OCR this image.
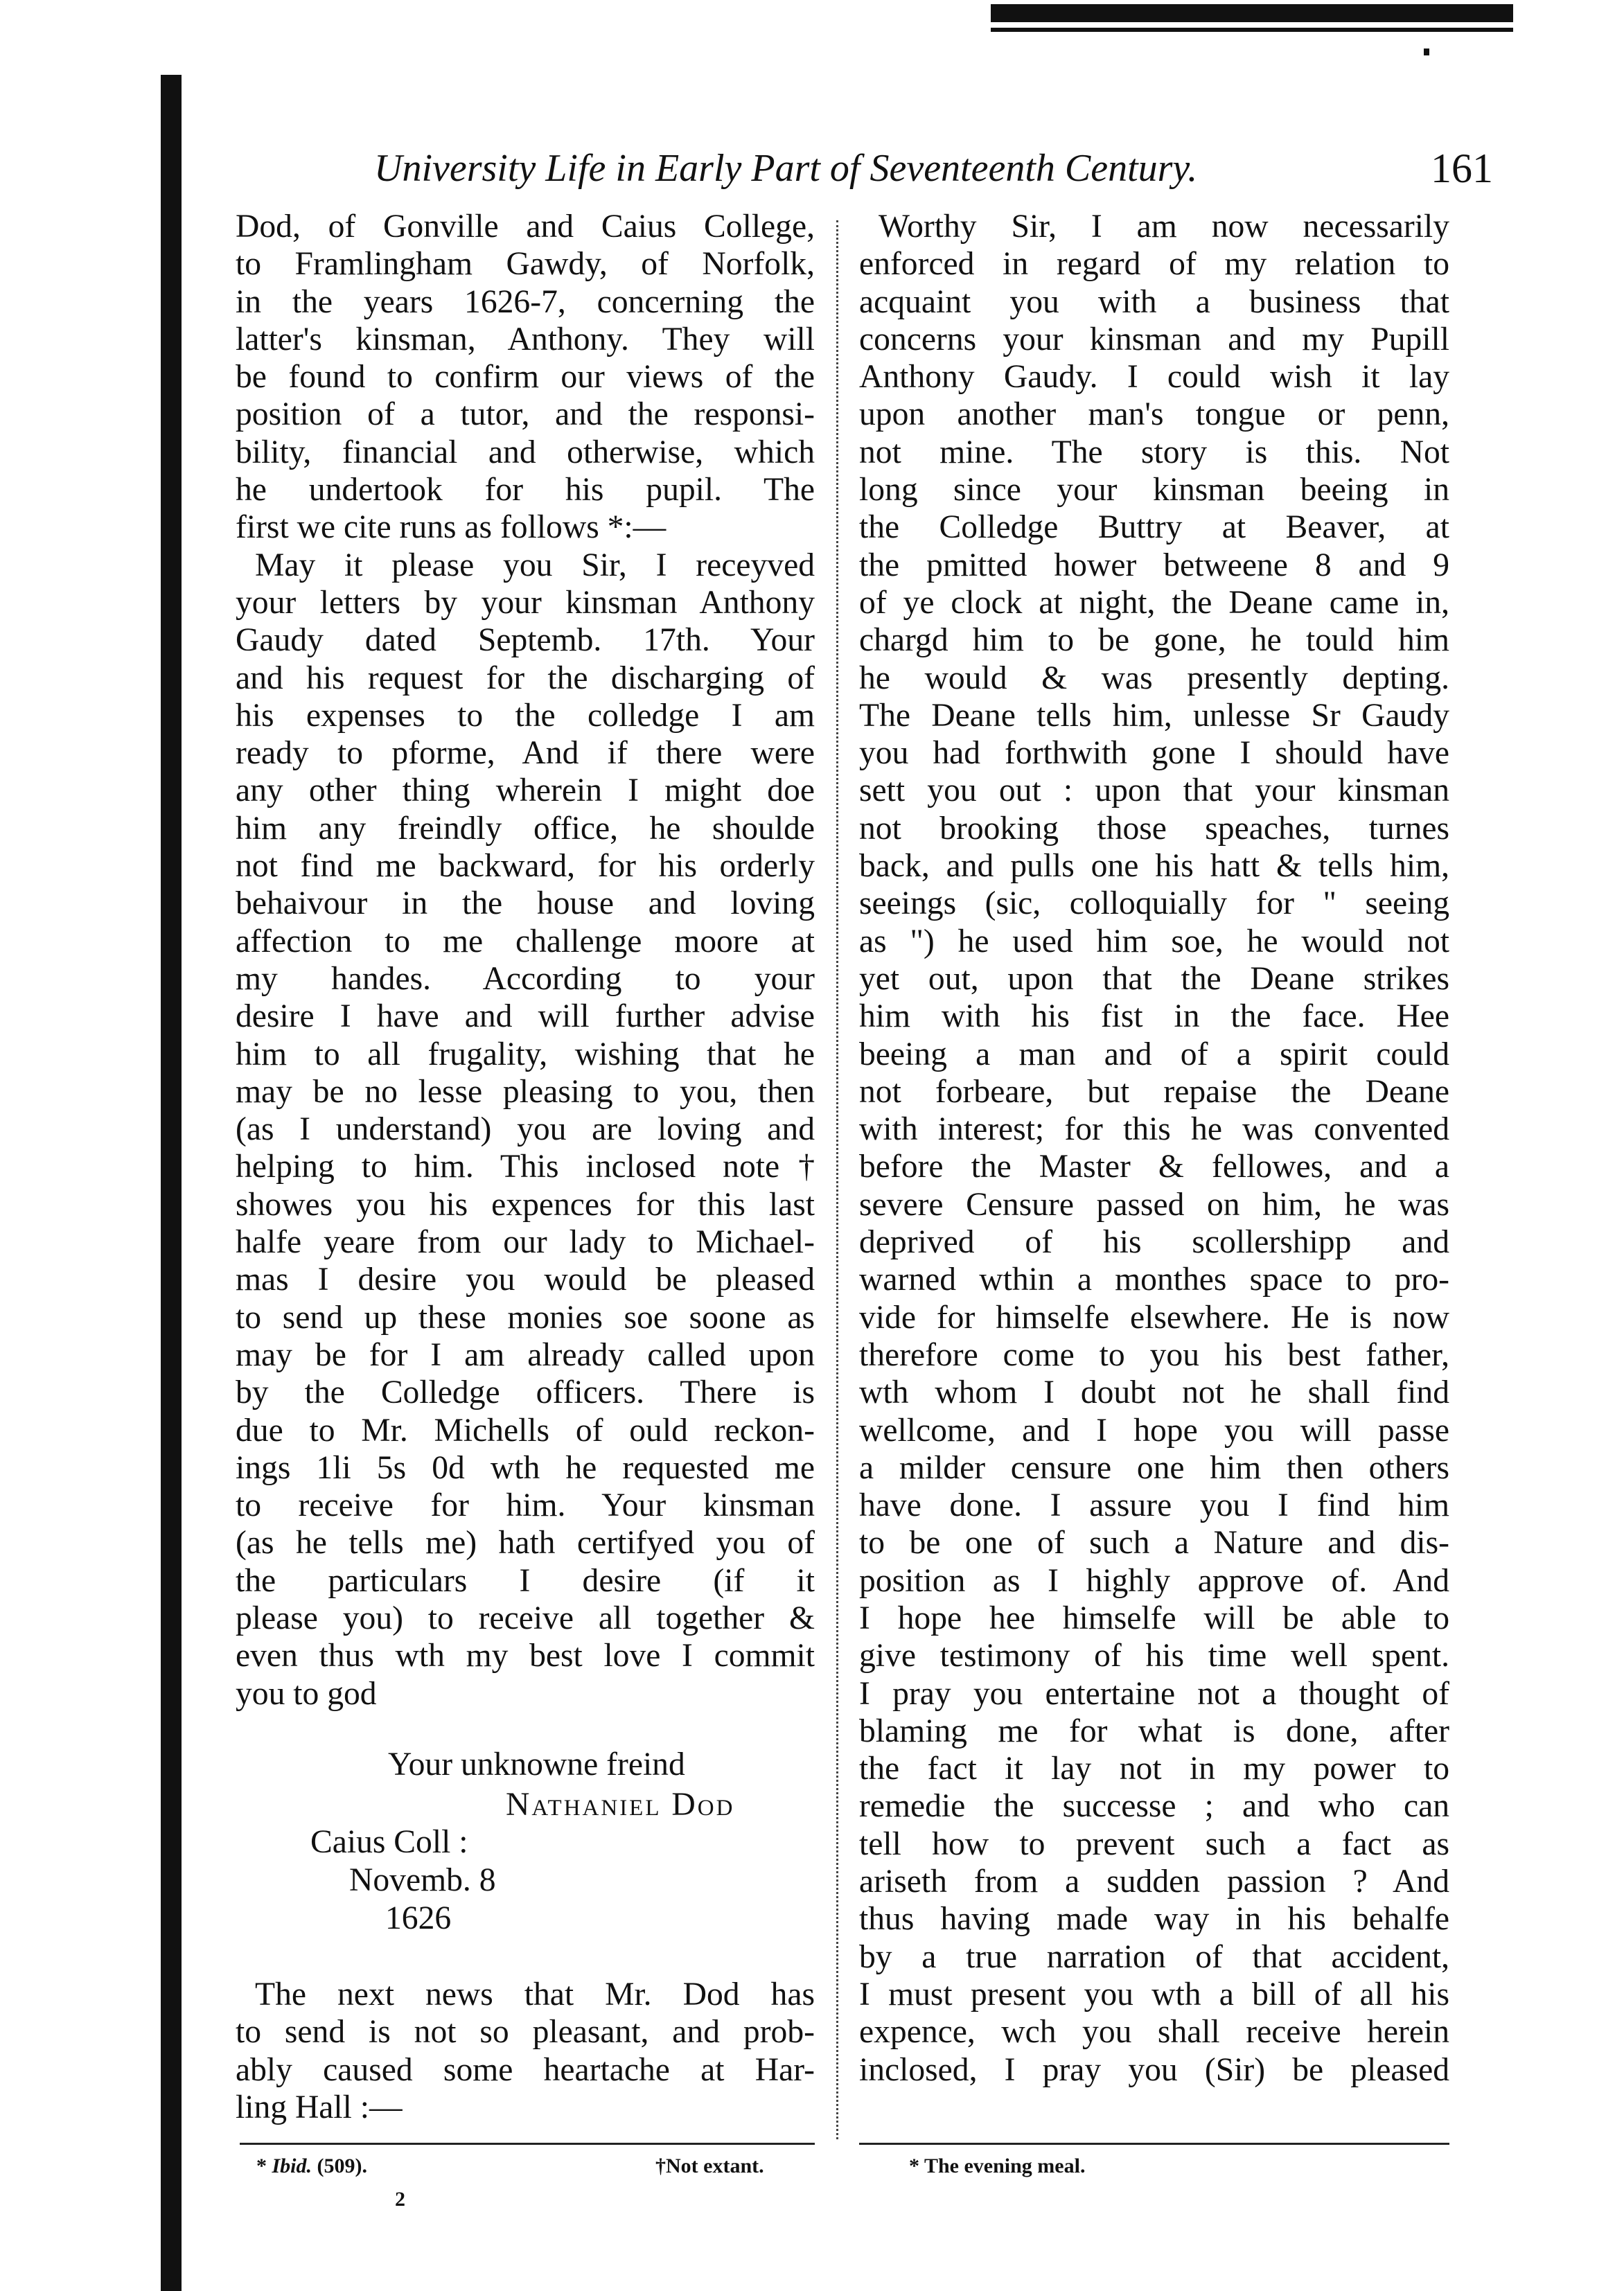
University Life in Early Part of Seventeenth Century.	161
Dod, of Gonville and Caius College,
to Framlingham Gawdy, of Norfolk,
in the years 1626-7, concerning the
latter's kinsman, Anthony. They will
be found to confirm our views of the
position of a tutor, and the responsi-
bility, financial and otherwise, which
he undertook for his pupil. The
first we cite runs as follows *:—
May it please you Sir, I receyved
your letters by your kinsman Anthony
Gaudy dated Septemb. 17th. Your
and his request for the discharging of
his expenses to the colledge I am
ready to pforme, And if there were
any other thing wherein I might doe
him any freindly office, he shoulde
not find me backward, for his orderly
behaivour in the house and loving
affection to me challenge moore at
my handes. According to your
desire I have and will further advise
him to all frugality, wishing that he
may be no lesse pleasing to you, then
(as I understand) you are loving and
helping to him. This inclosed note†
showes you his expences for this last
halfe yeare from our lady to Michael-
mas I desire you would be pleased
to send up these monies soe soone as
may be for I am already called upon
by the Colledge officers. There is
due to Mr. Michells of ould reckon-
ings 1li 5s 0d wth he requested me
to receive for him. Your kinsman
(as he tells me) hath certifyed you of
the particulars I desire (if it
please you) to receive all together &
even thus wth my best love I commit
you to god
Your unknowne freind
Nathaniel Dod
Caius Coll :
Novemb. 8
1626
The next news that Mr. Dod has
to send is not so pleasant, and prob-
ably caused some heartache at Har-
ling Hall :—
Worthy Sir, I am now necessarily
enforced in regard of my relation to
acquaint you with a business that
concerns your kinsman and my Pupill
Anthony Gaudy. I could wish it lay
upon another man's tongue or penn,
not mine. The story is this. Not
long since your kinsman beeing in
the Colledge Buttry at Beaver, at
the pmitted hower betweene 8 and 9
of ye clock at night, the Deane came in,
chargd him to be gone, he tould him
he would & was presently depting.
The Deane tells him, unlesse Sr Gaudy
you had forthwith gone I should have
sett you out : upon that your kinsman
not brooking those speaches, turnes
back, and pulls one his hatt & tells him,
seeings (sic, colloquially for " seeing
as ") he used him soe, he would not
yet out, upon that the Deane strikes
him with his fist in the face. Hee
beeing a man and of a spirit could
not forbeare, but repaise the Deane
with interest; for this he was convented
before the Master & fellowes, and a
severe Censure passed on him, he was
deprived of his scollershipp and
warned wthin a monthes space to pro-
vide for himselfe elsewhere. He is now
therefore come to you his best father,
wth whom I doubt not he shall find
wellcome, and I hope you will passe
a milder censure one him then others
have done. I assure you I find him
to be one of such a Nature and dis-
position as I highly approve of. And
I hope hee himselfe will be able to
give testimony of his time well spent.
I pray you entertaine not a thought of
blaming me for what is done, after
the fact it lay not in my power to
remedie the successe ; and who can
tell how to prevent such a fact as
ariseth from a sudden passion ? And
thus having made way in his behalfe
by a true narration of that accident,
I must present you wth a bill of all his
expence, wch you shall receive herein
inclosed, I pray you (Sir) be pleased
* Ibid. (509).	†Not extant.
2
* The evening meal.
